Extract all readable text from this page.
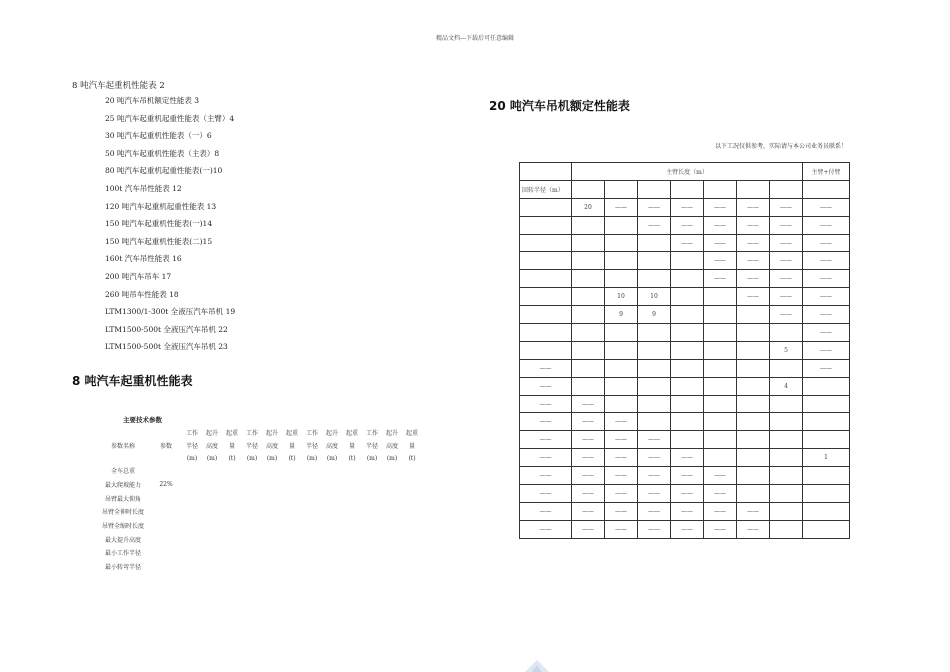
精品文档---下载后可任意编辑
8 吨汽车起重机性能表 2
20 吨汽车吊机额定性能表 3
25 吨汽车起重机起重性能表（主臂）4
30 吨汽车起重机性能表（一）6
50 吨汽车起重机性能表（主表）8
80 吨汽车起重机起重性能表(一)10
100t 汽车吊性能表 12
120 吨汽车起重机起重性能表 13
150 吨汽车起重机性能表(一)14
150 吨汽车起重机性能表(二)15
160t 汽车吊性能表 16
200 吨汽车吊车 17
260 吨吊车性能表 18
LTM1300/1-300t 全液压汽车吊机 19
LTM1500-500t 全液压汽车吊机 22
LTM1500-500t 全液压汽车吊机 23
8 吨汽车起重机性能表
主要技术参数
		工作	起升	起重	工作	起升	起重	工作	起升	起重	工作	起升	起重
参数名称	参数	半径	高度	量	半径	高度	量	半径	高度	量	半径	高度	量
		(m)	(m)	(t)	(m)	(m)	(t)	(m)	(m)	(t)	(m)	(m)	(t)
全车总重													
最大爬坡能力	22%												
吊臂最大仰角													
吊臂全伸时长度													
吊臂全缩时长度													
最大提升高度													
最小工作半径													
最小转弯半径													
20 吨汽车吊机额定性能表
以下工况仅供参考，实际请与本公司业务员联系！
	主臂长度（m）							主臂+付臂
回转半径（m）								
	20	——	——	——	——	——	——	——
			——	——	——	——	——	——
				——	——	——	——	——
					——	——	——	——
					——	——	——	——
		10	10			——	——	——
		9	9				——	——
								——
							5	——
——								——
——							4	
——	——							
——	——	——						
——	——	——	——					
——	——	——	——	——				1
——	——	——	——	——	——			
——	——	——	——	——	——			
——	——	——	——	——	——	——		
——	——	——	——	——	——	——		
